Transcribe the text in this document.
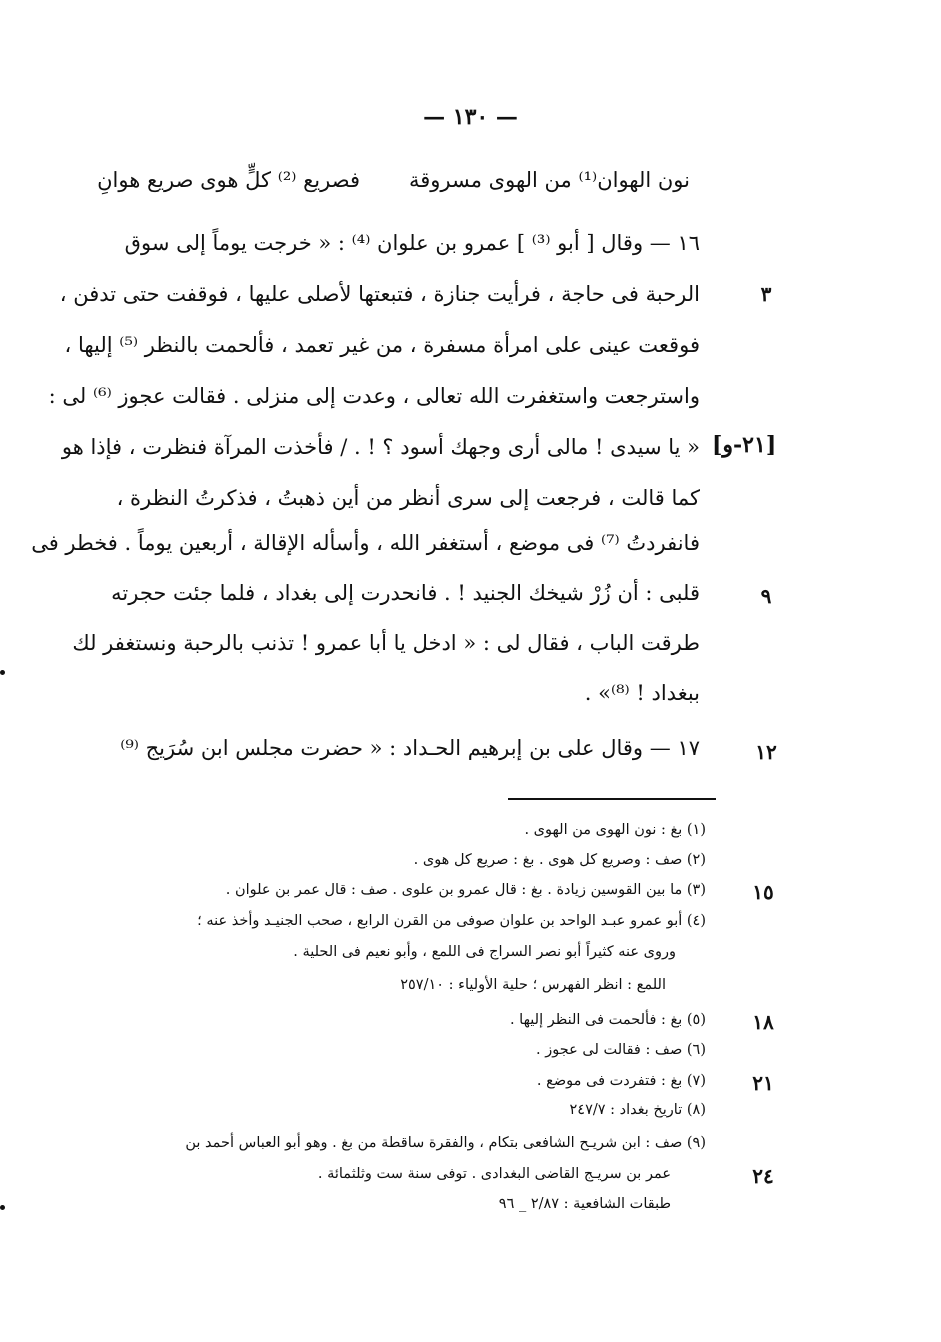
— ١٣٠ —
نون الهوان⁽¹⁾ من الهوى مسروقة
فصريع ⁽²⁾ كلٍّ هوى صريع هوانِ
١٦ — وقال [ أبو ⁽³⁾ ] عمرو بن علوان ⁽⁴⁾ : « خرجت يوماً إلى سوق
الرحبة فى حاجة ، فرأيت جنازة ، فتبعتها لأصلى عليها ، فوقفت حتى تدفن ،
فوقعت عينى على امرأة مسفرة ، من غير تعمد ، فألحمت بالنظر ⁽⁵⁾ إليها ،
واسترجعت واستغفرت الله تعالى ، وعدت إلى منزلى . فقالت عجوز ⁽⁶⁾ لى :
« يا سيدى ! مالى أرى وجهك أسود ؟ ! . / فأخذت المرآة فنظرت ، فإذا هو
كما قالت ، فرجعت إلى سرى أنظر من أين ذهبتُ ، فذكرتُ النظرة ،
فانفردتُ ⁽⁷⁾ فى موضع ، أستغفر الله ، وأسأله الإقالة ، أربعين يوماً . فخطر فى
قلبى : أن زُرْ شيخك الجنيد ! . فانحدرت إلى بغداد ، فلما جئت حجرته
طرقت الباب ، فقال لى : « ادخل يا أبا عمرو ! تذنب بالرحبة ونستغفر لك
ببغداد ! ⁽⁸⁾» .
١٧ — وقال على بن إبرهيم الحـداد : « حضرت مجلس ابن سُرَيج ⁽⁹⁾
٣
٩
١٢
[٢١-و]
(١) بغ : نون الهوى من الهوى .
(٢) صف : وصريع كل هوى . بغ : صريع كل هوى .
(٣) ما بين القوسين زيادة . بغ : قال عمرو بن علوى . صف : قال عمر بن علوان .
(٤) أبو عمرو عبـد الواحد بن علوان صوفى من القرن الرابع ، صحب الجنيـد وأخذ عنه ؛
وروى عنه كثيراً أبو نصر السراج فى اللمع ، وأبو نعيم فى الحلية .
اللمع : انظر الفهرس ؛ حلية الأولياء : ٢٥٧/١٠
(٥) بغ : فألحمت فى النظر إليها .
(٦) صف : فقالت لى عجوز .
(٧) بغ : فتفردت فى موضع .
(٨) تاريخ بغداد : ٢٤٧/٧
(٩) صف : ابن شريـح الشافعى بتكام ، والفقرة ساقطة من بغ . وهو أبو العباس أحمد بن
عمر بن سريـج القاضى البغدادى . توفى سنة ست وثلثمائة .
طبقات الشافعية : ٢/٨٧ _ ٩٦
١٥
١٨
٢١
٢٤
